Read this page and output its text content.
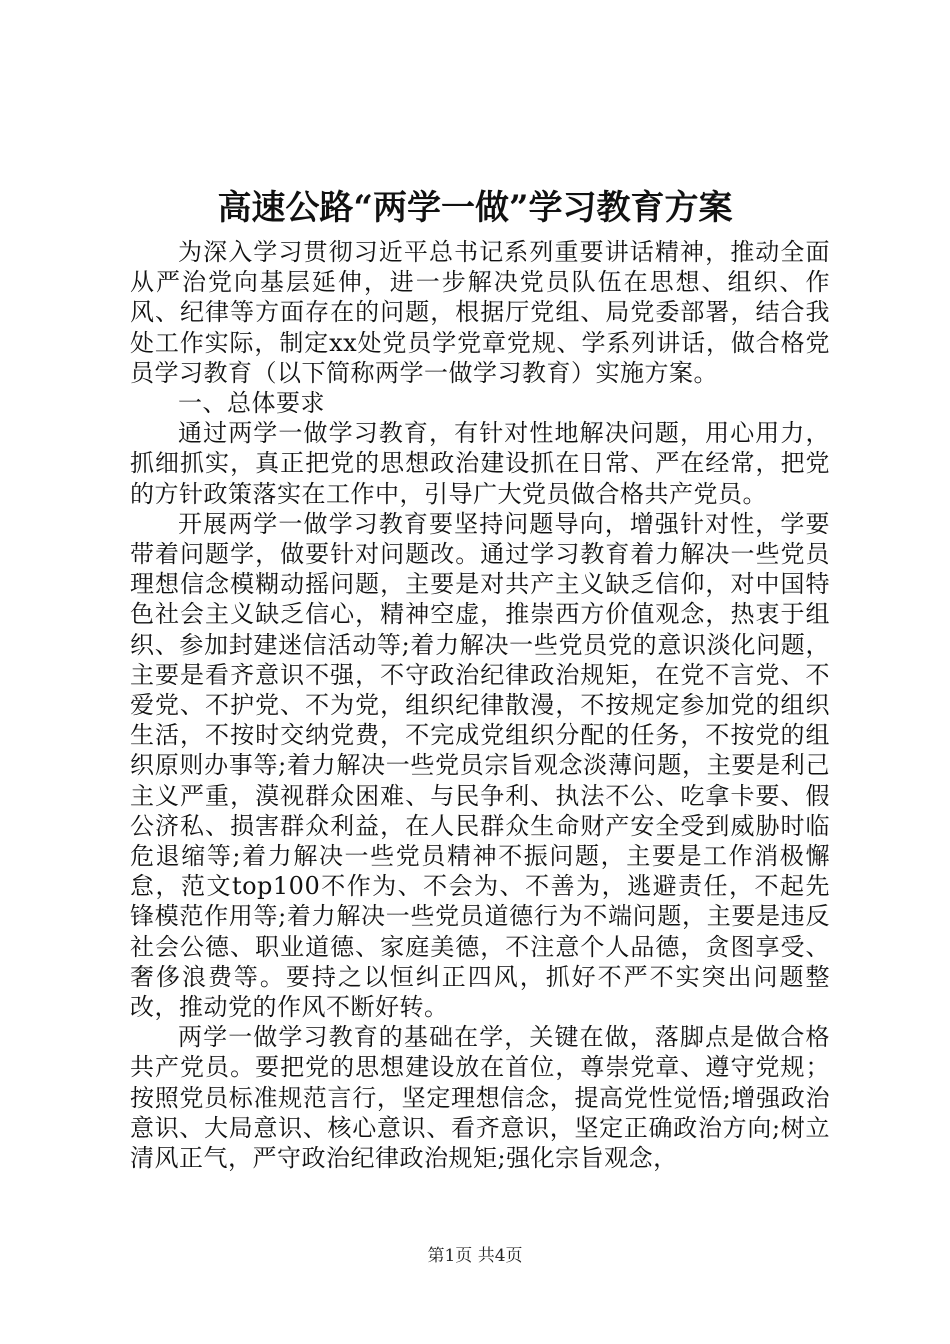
高速公路“两学一做”学习教育方案

为深入学习贯彻习近平总书记系列重要讲话精神，推动全面从严治党向基层延伸，进一步解决党员队伍在思想、组织、作风、纪律等方面存在的问题，根据厅党组、局党委部署，结合我处工作实际，制定xx处党员学党章党规、学系列讲话，做合格党员学习教育（以下简称两学一做学习教育）实施方案。

一、总体要求

通过两学一做学习教育，有针对性地解决问题，用心用力，抓细抓实，真正把党的思想政治建设抓在日常、严在经常，把党的方针政策落实在工作中，引导广大党员做合格共产党员。

开展两学一做学习教育要坚持问题导向，增强针对性，学要带着问题学，做要针对问题改。通过学习教育着力解决一些党员理想信念模糊动摇问题，主要是对共产主义缺乏信仰，对中国特色社会主义缺乏信心，精神空虚，推崇西方价值观念，热衷于组织、参加封建迷信活动等;着力解决一些党员党的意识淡化问题，主要是看齐意识不强，不守政治纪律政治规矩，在党不言党、不爱党、不护党、不为党，组织纪律散漫，不按规定参加党的组织生活，不按时交纳党费，不完成党组织分配的任务，不按党的组织原则办事等;着力解决一些党员宗旨观念淡薄问题，主要是利己主义严重，漠视群众困难、与民争利、执法不公、吃拿卡要、假公济私、损害群众利益，在人民群众生命财产安全受到威胁时临危退缩等;着力解决一些党员精神不振问题，主要是工作消极懈怠，范文top100不作为、不会为、不善为，逃避责任，不起先锋模范作用等;着力解决一些党员道德行为不端问题，主要是违反社会公德、职业道德、家庭美德，不注意个人品德，贪图享受、奢侈浪费等。要持之以恒纠正四风，抓好不严不实突出问题整改，推动党的作风不断好转。

两学一做学习教育的基础在学，关键在做，落脚点是做合格共产党员。要把党的思想建设放在首位，尊崇党章、遵守党规；按照党员标准规范言行，坚定理想信念，提高党性觉悟;增强政治意识、大局意识、核心意识、看齐意识，坚定正确政治方向;树立清风正气，严守政治纪律政治规矩;强化宗旨观念，

第1页 共4页
